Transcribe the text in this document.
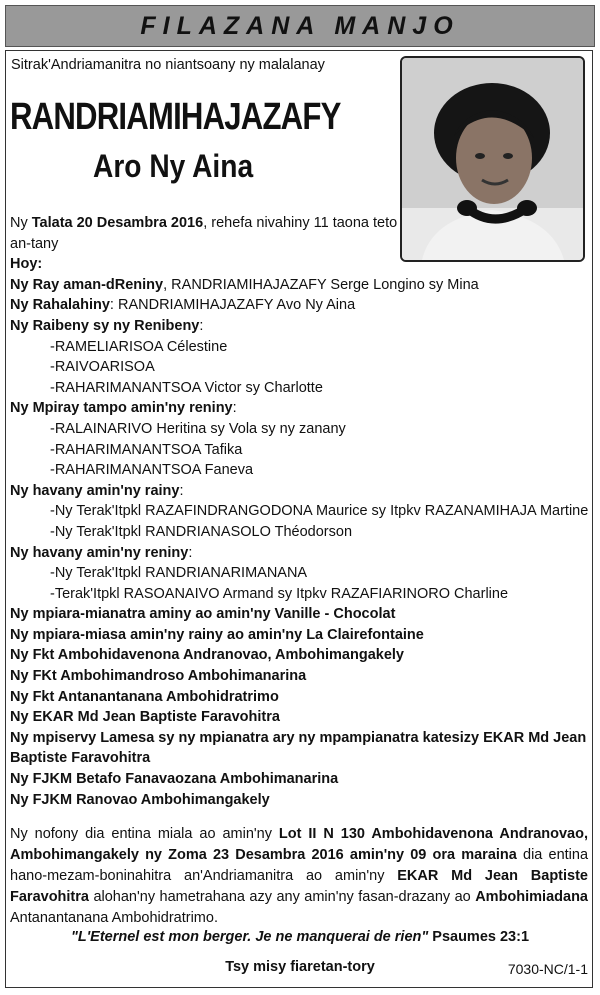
FILAZANA MANJO
Sitrak'Andriamanitra no niantsoany ny malalanay
RANDRIAMIHAJAZAFY
Aro Ny Aina
Ny Talata 20 Desambra 2016, rehefa nivahiny 11 taona teto
an-tany
Hoy:
Ny Ray aman-dReniny, RANDRIAMIHAJAZAFY Serge Longino sy Mina
Ny Rahalahiny: RANDRIAMIHAJAZAFY Avo Ny Aina
Ny Raibeny sy ny Renibeny:
-RAMELIARISOA Célestine
-RAIVOARISOA
-RAHARIMANANTSOA Victor sy Charlotte
Ny Mpiray tampo amin'ny reniny:
-RALAINARIVO Heritina sy Vola sy ny zanany
-RAHARIMANANTSOA Tafika
-RAHARIMANANTSOA Faneva
Ny havany amin'ny rainy:
-Ny Terak'Itpkl RAZAFINDRANGODONA Maurice sy Itpkv RAZANAMIHAJA Martine
-Ny Terak'Itpkl RANDRIANASOLO Théodorson
Ny havany amin'ny reniny:
-Ny Terak'Itpkl RANDRIANARIMANANA
-Terak'Itpkl RASOANAIVO Armand sy Itpkv RAZAFIARINORO Charline
Ny mpiara-mianatra aminy ao amin'ny Vanille - Chocolat
Ny mpiara-miasa amin'ny rainy ao amin'ny La Clairefontaine
Ny Fkt Ambohidavenona Andranovao, Ambohimangakely
Ny FKt Ambohimandroso Ambohimanarina
Ny Fkt Antanantanana Ambohidratrimo
Ny EKAR Md Jean Baptiste Faravohitra
Ny mpiservy Lamesa sy ny mpianatra ary ny mpampianatra katesizy EKAR Md Jean
Baptiste Faravohitra
Ny FJKM Betafo Fanavaozana Ambohimanarina
Ny FJKM Ranovao Ambohimangakely
Ny nofony dia entina miala ao amin'ny Lot II N 130 Ambohidavenona Andranovao, Ambohimangakely ny Zoma 23 Desambra 2016 amin'ny 09 ora maraina dia entina hano-mezam-boninahitra an'Andriamanitra ao amin'ny EKAR Md Jean Baptiste Faravohitra alohan'ny hametrahana azy any amin'ny fasan-drazany ao Ambohimiadana Antanantanana Ambohidratrimo.
"L'Eternel est mon berger. Je ne manquerai de rien" Psaumes 23:1
Tsy misy fiaretan-tory	7030-NC/1-1
